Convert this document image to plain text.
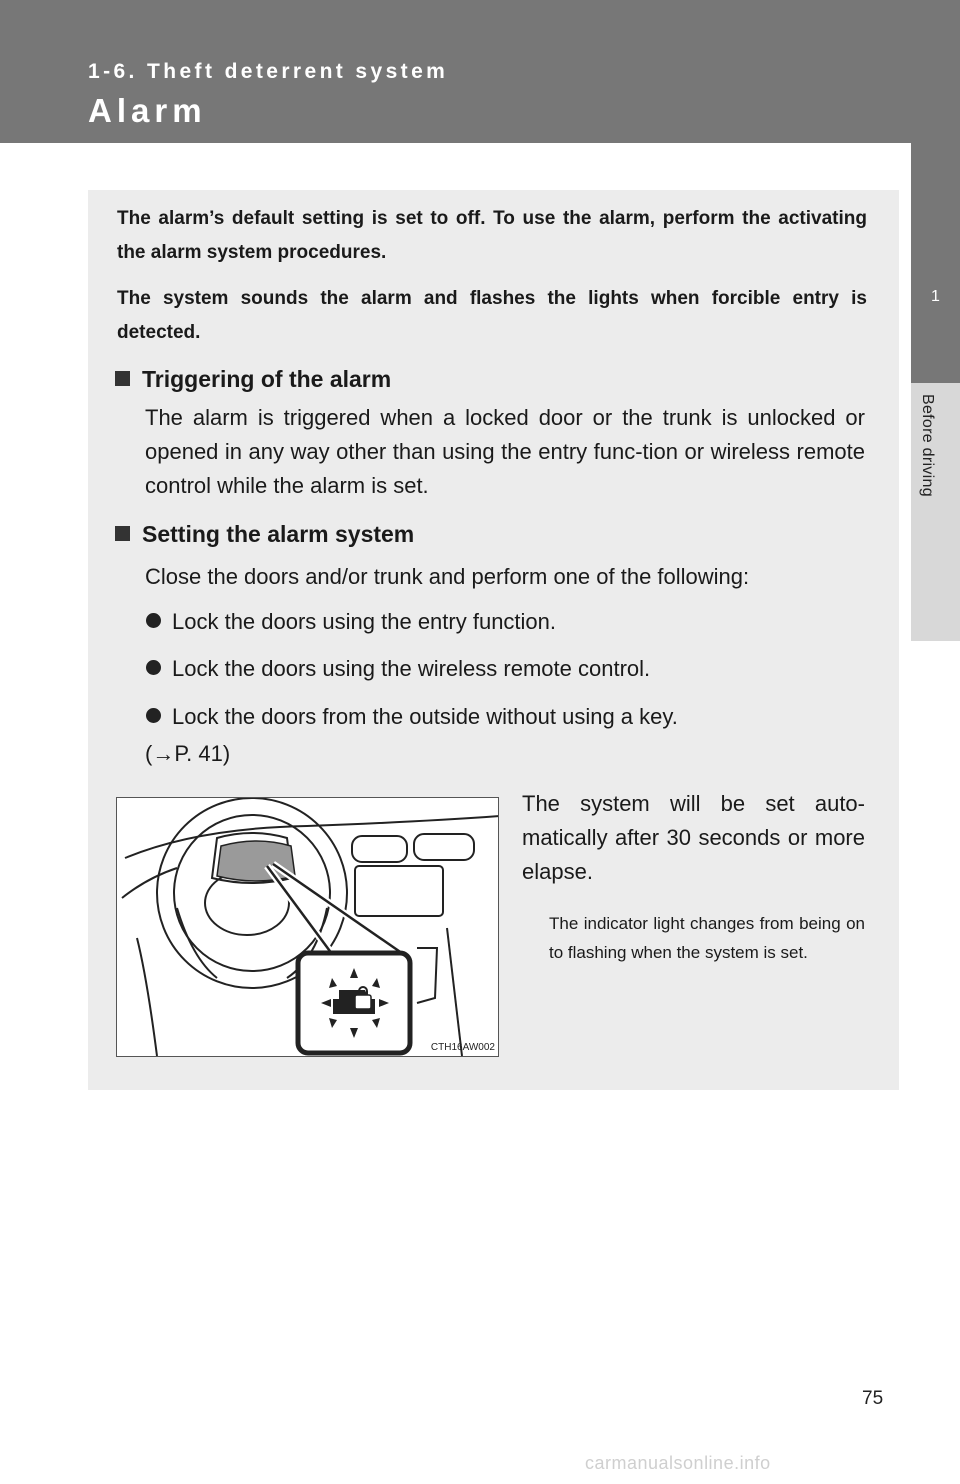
1-6. Theft deterrent system
Alarm
1
Before driving
The alarm’s default setting is set to off. To use the alarm, perform the activating the alarm system procedures.
The system sounds the alarm and flashes the lights when forcible entry is detected.
Triggering of the alarm
The alarm is triggered when a locked door or the trunk is unlocked or opened in any way other than using the entry func-tion or wireless remote control while the alarm is set.
Setting the alarm system
Close the doors and/or trunk and perform one of the following:
Lock the doors using the entry function.
Lock the doors using the wireless remote control.
Lock the doors from the outside without using a key.
(→P. 41)
CTH16AW002
The system will be set auto-matically after 30 seconds or more elapse.
The indicator light changes from being on to flashing when the system is set.
75
carmanualsonline.info
